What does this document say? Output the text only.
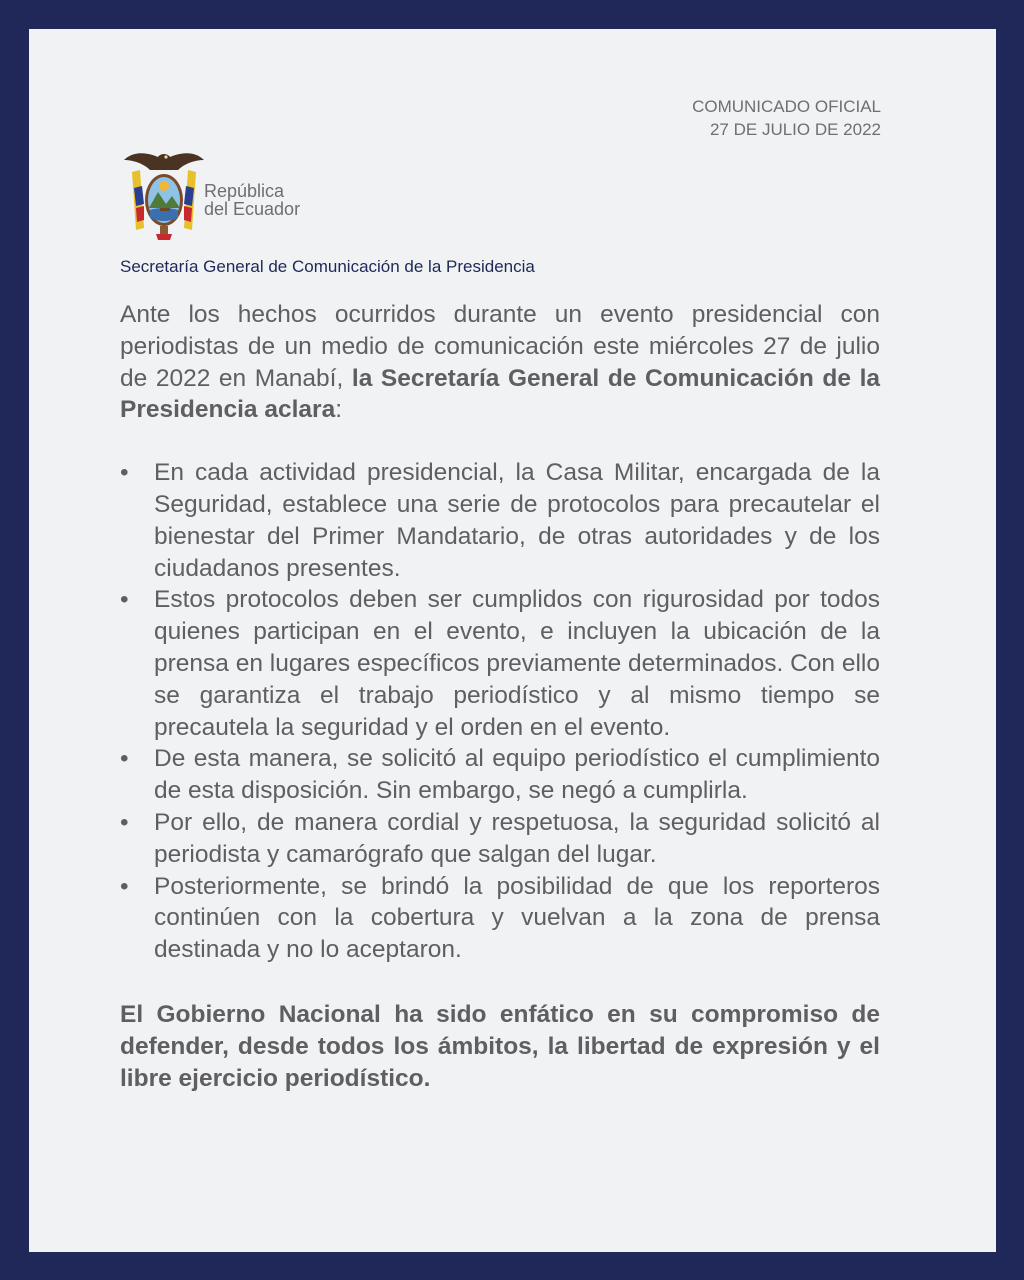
COMUNICADO OFICIAL
27 DE JULIO DE 2022
República
del Ecuador
Secretaría General de Comunicación de la Presidencia

Ante los hechos ocurridos durante un evento presidencial con periodistas de un medio de comunicación este miércoles 27 de julio de 2022 en Manabí, la Secretaría General de Comunicación de la Presidencia aclara:

• En cada actividad presidencial, la Casa Militar, encargada de la Seguridad, establece una serie de protocolos para precautelar el bienestar del Primer Mandatario, de otras autoridades y de los ciudadanos presentes.
• Estos protocolos deben ser cumplidos con rigurosidad por todos quienes participan en el evento, e incluyen la ubicación de la prensa en lugares específicos previamente determinados. Con ello se garantiza el trabajo periodístico y al mismo tiempo se precautela la seguridad y el orden en el evento.
• De esta manera, se solicitó al equipo periodístico el cumplimiento de esta disposición. Sin embargo, se negó a cumplirla.
• Por ello, de manera cordial y respetuosa, la seguridad solicitó al periodista y camarógrafo que salgan del lugar.
• Posteriormente, se brindó la posibilidad de que los reporteros continúen con la cobertura y vuelvan a la zona de prensa destinada y no lo aceptaron.

El Gobierno Nacional ha sido enfático en su compromiso de defender, desde todos los ámbitos, la libertad de expresión y el libre ejercicio periodístico.
